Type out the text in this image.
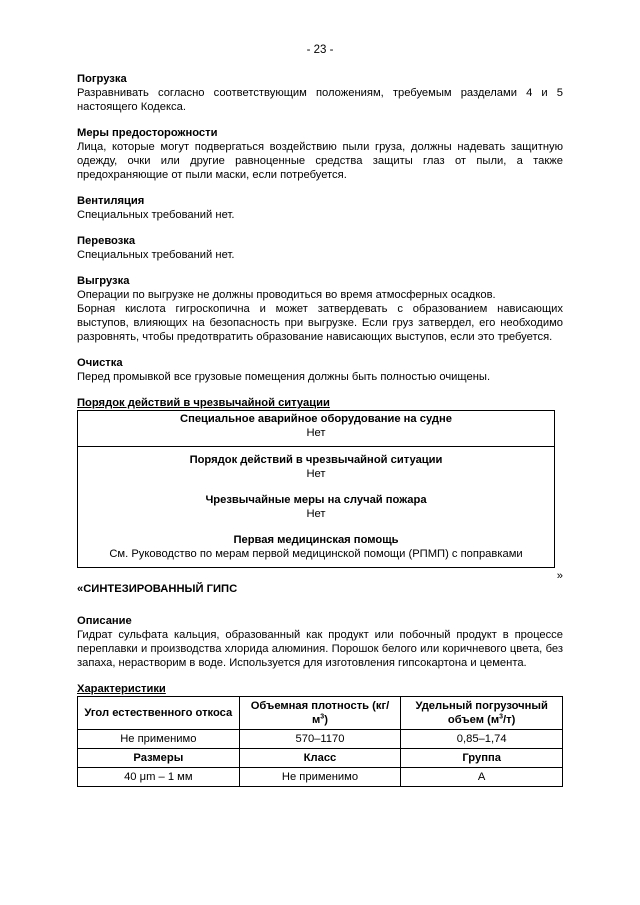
- 23 -
Погрузка
Разравнивать согласно соответствующим положениям, требуемым разделами 4 и 5 настоящего Кодекса.
Меры предосторожности
Лица, которые могут подвергаться воздействию пыли груза, должны надевать защитную одежду, очки или другие равноценные средства защиты глаз от пыли, а также предохраняющие от пыли маски, если потребуется.
Вентиляция
Специальных требований нет.
Перевозка
Специальных требований нет.
Выгрузка
Операции по выгрузке не должны проводиться во время атмосферных осадков.
Борная кислота гигроскопична и может затвердевать с образованием нависающих выступов, влияющих на безопасность при выгрузке. Если груз затвердел, его необходимо разровнять, чтобы предотвратить образование нависающих выступов, если это требуется.
Очистка
Перед промывкой все грузовые помещения должны быть полностью очищены.
Порядок действий в чрезвычайной ситуации
Специальное аварийное оборудование на судне
Нет
Порядок действий в чрезвычайной ситуации
Нет
Чрезвычайные меры на случай пожара
Нет
Первая медицинская помощь
См. Руководство по мерам первой медицинской помощи (РПМП) с поправками
»
«СИНТЕЗИРОВАННЫЙ ГИПС
Описание
Гидрат сульфата кальция, образованный как продукт или побочный продукт в процессе переплавки и производства хлорида алюминия. Порошок белого или коричневого цвета, без запаха, нерастворим в воде. Используется для изготовления гипсокартона и цемента.
Характеристики
Угол естественного откоса	Объемная плотность $(кг/м^3)$	Удельный погрузочный объем $(м^3/т)$
Не применимо	570–1170	0,85–1,74
Размеры	Класс	Группа
40 μm – 1 мм	Не применимо	A
